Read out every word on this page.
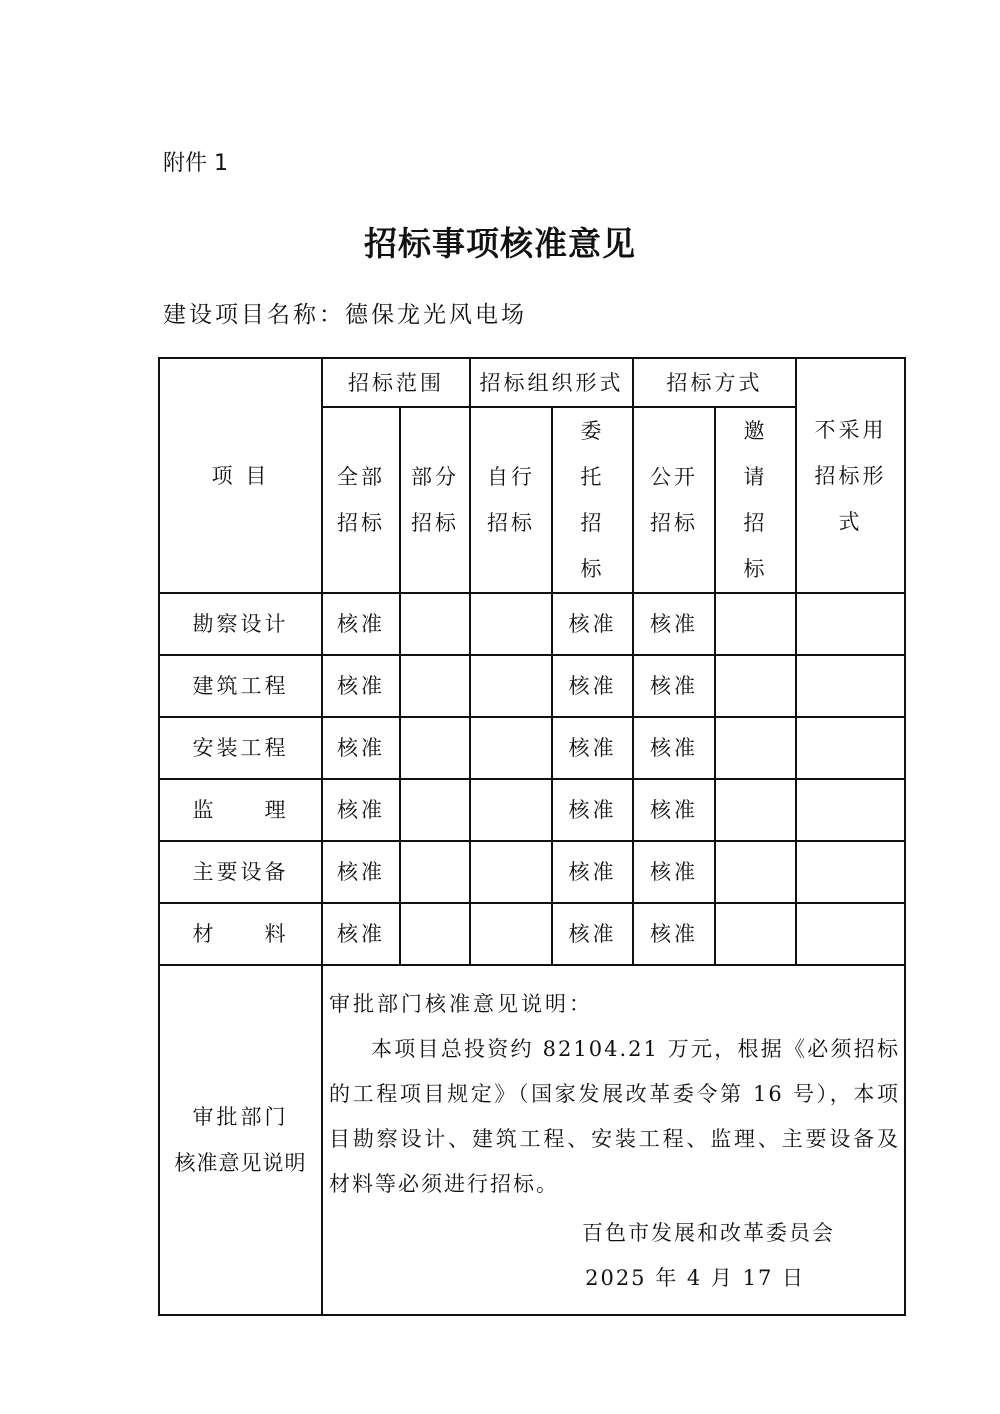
附件 1
招标事项核准意见
建设项目名称：德保龙光风电场
项 目	招标范围		招标组织形式		招标方式		不采用招标形式
	全部招标	部分招标	自行招标	委托招标	公开招标	邀请招标	
勘察设计	核准			核准	核准		
建筑工程	核准			核准	核准		
安装工程	核准			核准	核准		
监　　理	核准			核准	核准		
主要设备	核准			核准	核准		
材　　料	核准			核准	核准		
审批部门
核准意见说明	审批部门核准意见说明：
本项目总投资约 82104.21 万元，根据《必须招标的工程项目规定》（国家发展改革委令第 16 号），本项目勘察设计、建筑工程、安装工程、监理、主要设备及材料等必须进行招标。
百色市发展和改革委员会
2025 年 4 月 17 日						
